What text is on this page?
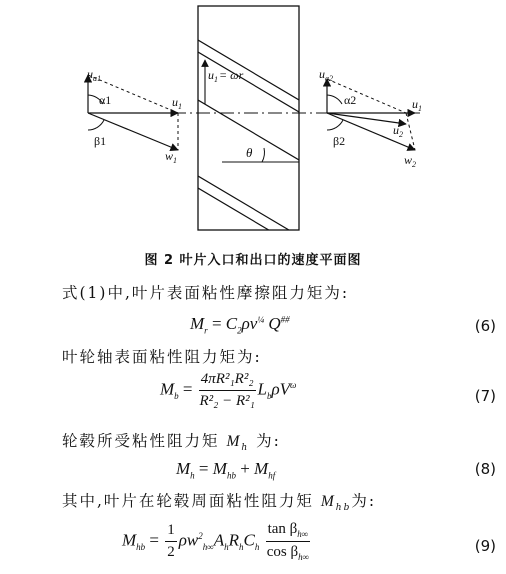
$u_{a1}$
α1
β1
$u_1$
$w_1$
$u_1= \omega r$
θ
$u_{a2}$
α2
β2
$u_1$
$u_2$
$w_2$
图 2 叶片入口和出口的速度平面图
式(1)中,叶片表面粘性摩擦阻力矩为:
$M_r = C_2\rho\nu^{\frac{1}{4}}$ Q##	(6)
叶轮轴表面粘性阻力矩为:
$M_b = \frac{\text{4πR²₁R²₂}}{\text{R²₂ − R²₁}} L_b\rho V^\omega$
(7)
轮毂所受粘性阻力矩 $M_h$ 为:
$M_h = M_{hb} + M_{hf}$	(8)
其中,叶片在轮毂周面粘性阻力矩 $M_{hb}$为:
$M_{hb} = \frac{1}{2} \rho w^2_{h\infty}A_hR_hC_h \frac{\tan \beta_{h\infty}}{\cos \beta_{h\infty}}$	(9)
